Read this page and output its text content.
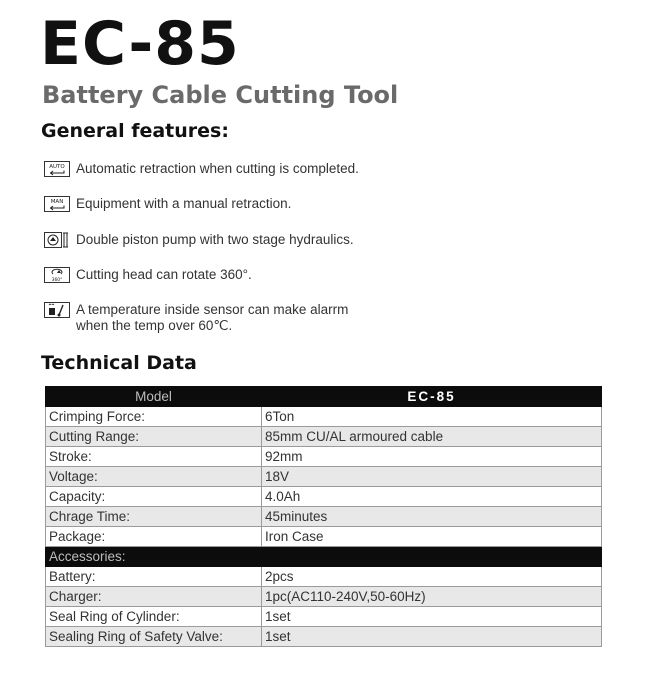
EC-85
Battery Cable Cutting Tool
General features:
AUTO Automatic retraction when cutting is completed.
MAN Equipment with a manual retraction.
Double piston pump with two stage hydraulics.
360° Cutting head can rotate 360°.
A temperature inside sensor can make alarrm
when the temp over 60℃.
Technical Data
Model	EC-85
Crimping Force:	6Ton
Cutting Range:	85mm CU/AL armoured cable
Stroke:	92mm
Voltage:	18V
Capacity:	4.0Ah
Chrage Time:	45minutes
Package:	Iron Case
Accessories:	
Battery:	2pcs
Charger:	1pc(AC110-240V,50-60Hz)
Seal Ring of Cylinder:	1set
Sealing Ring of Safety Valve:	1set
